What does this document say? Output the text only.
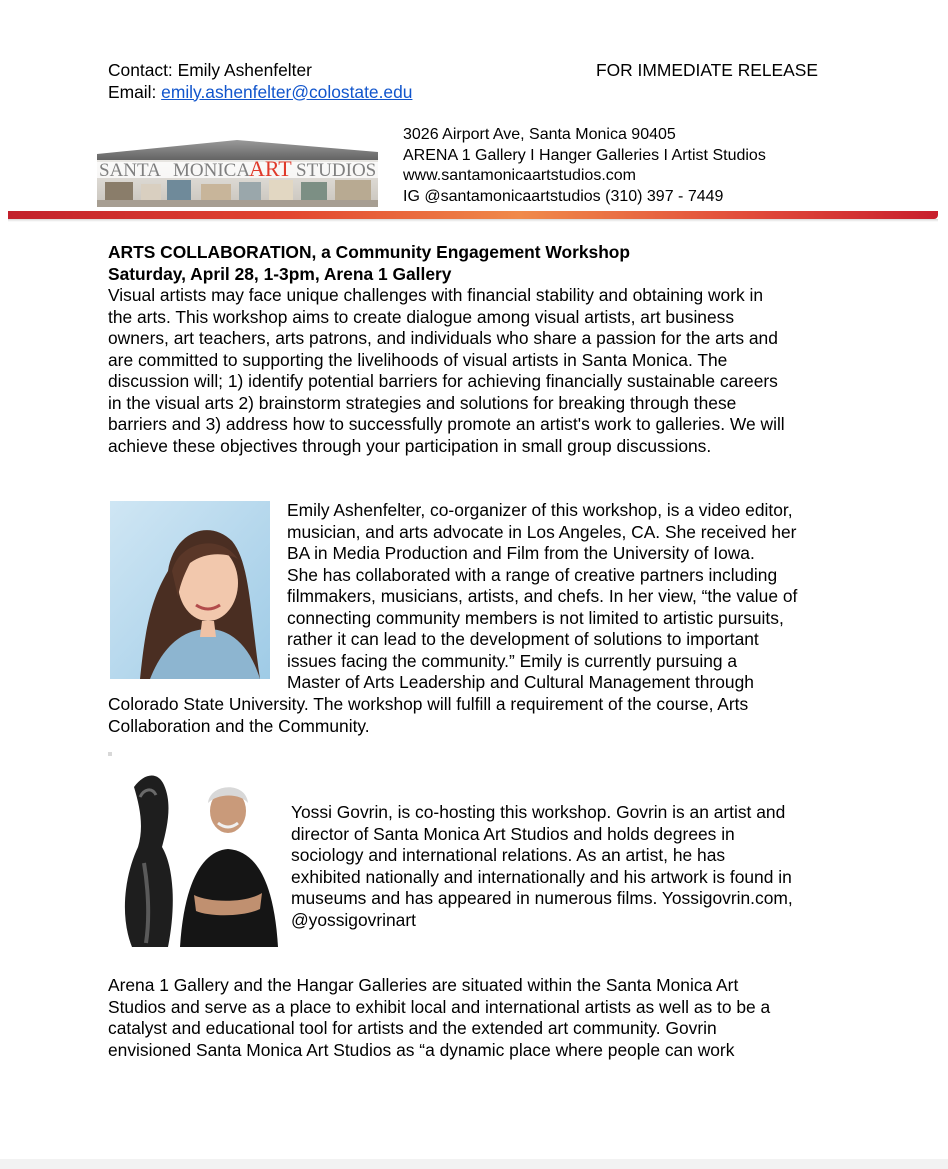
Contact: Emily Ashenfelter
Email: emily.ashenfelter@colostate.edu
FOR IMMEDIATE RELEASE
SANTA MONICA
ART STUDIOS
3026 Airport Ave, Santa Monica 90405
ARENA 1 Gallery I Hanger Galleries I Artist Studios
www.santamonicaartstudios.com
IG @santamonicaartstudios (310) 397 - 7449
ARTS COLLABORATION, a Community Engagement Workshop
Saturday, April 28, 1-3pm, Arena 1 Gallery
Visual artists may face unique challenges with financial stability and obtaining work in
the arts. This workshop aims to create dialogue among visual artists, art business
owners, art teachers, arts patrons, and individuals who share a passion for the arts and
are committed to supporting the livelihoods of visual artists in Santa Monica. The
discussion will; 1) identify potential barriers for achieving financially sustainable careers
in the visual arts 2) brainstorm strategies and solutions for breaking through these
barriers and 3) address how to successfully promote an artist's work to galleries. We will
achieve these objectives through your participation in small group discussions.
Emily Ashenfelter, co-organizer of this workshop, is a video editor,
musician, and arts advocate in Los Angeles, CA. She received her
BA in Media Production and Film from the University of Iowa.
She has collaborated with a range of creative partners including
filmmakers, musicians, artists, and chefs. In her view, “the value of
connecting community members is not limited to artistic pursuits,
rather it can lead to the development of solutions to important
issues facing the community.” Emily is currently pursuing a
Master of Arts Leadership and Cultural Management through
Colorado State University. The workshop will fulfill a requirement of the course, Arts
Collaboration and the Community.
Yossi Govrin, is co-hosting this workshop. Govrin is an artist and
director of Santa Monica Art Studios and holds degrees in
sociology and international relations. As an artist, he has
exhibited nationally and internationally and his artwork is found in
museums and has appeared in numerous films. Yossigovrin.com,
@yossigovrinart
Arena 1 Gallery and the Hangar Galleries are situated within the Santa Monica Art
Studios and serve as a place to exhibit local and international artists as well as to be a
catalyst and educational tool for artists and the extended art community. Govrin
envisioned Santa Monica Art Studios as “a dynamic place where people can work
